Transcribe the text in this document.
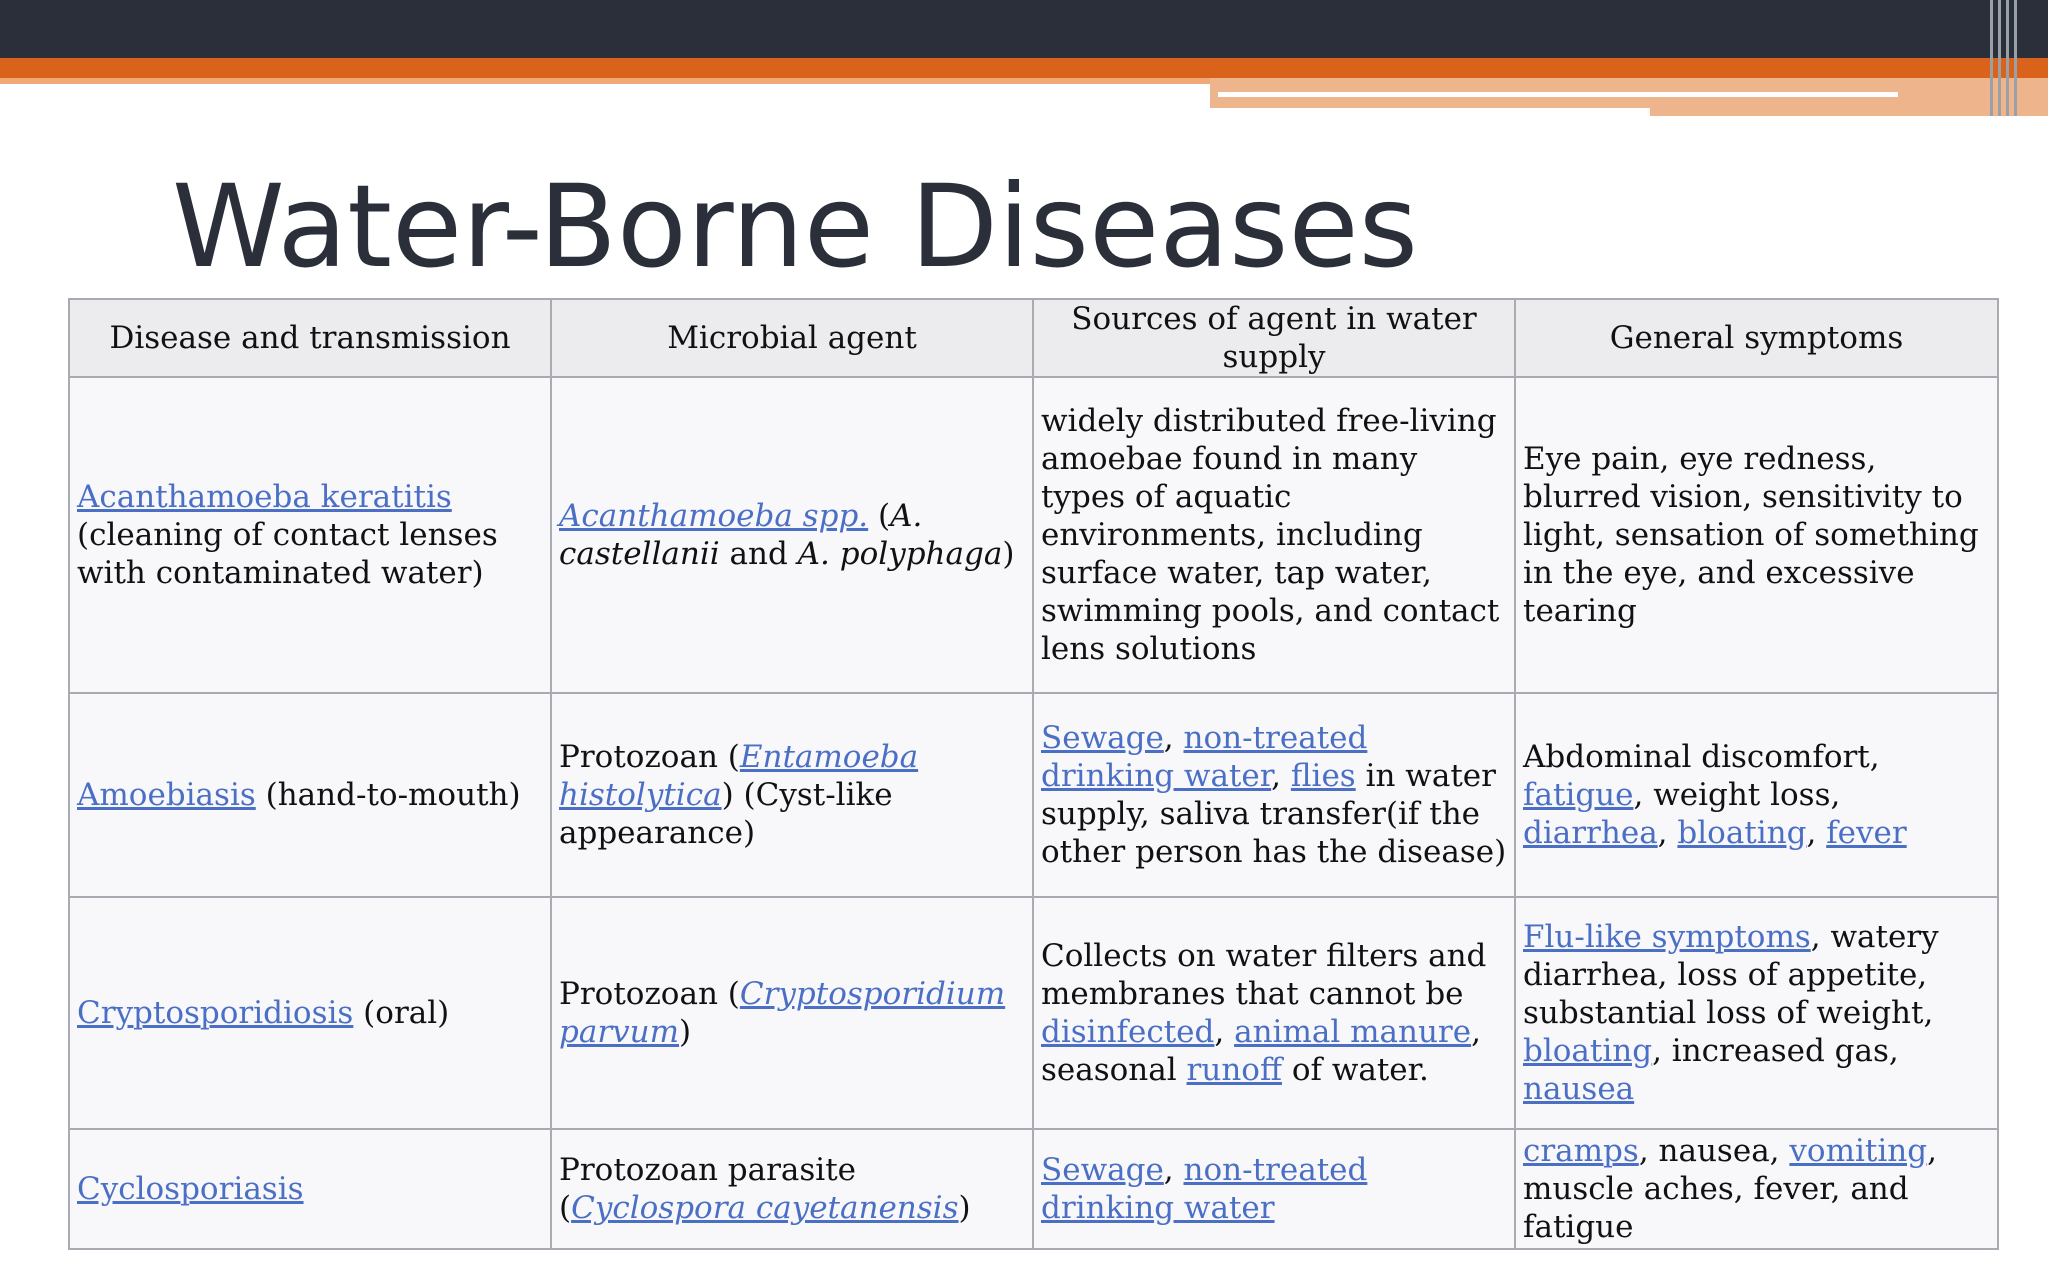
Water-Borne Diseases
Disease and transmission	Microbial agent	Sources of agent in water supply	General symptoms
Acanthamoeba keratitis (cleaning of contact lenses with contaminated water)	Acanthamoeba spp. (A. castellanii and A. polyphaga)	widely distributed free-living amoebae found in many types of aquatic environments, including surface water, tap water, swimming pools, and contact lens solutions	Eye pain, eye redness, blurred vision, sensitivity to light, sensation of something in the eye, and excessive tearing
Amoebiasis (hand-to-mouth)	Protozoan (Entamoeba histolytica) (Cyst-like appearance)	Sewage, non-treated drinking water, flies in water supply, saliva transfer(if the other person has the disease)	Abdominal discomfort, fatigue, weight loss, diarrhea, bloating, fever
Cryptosporidiosis (oral)	Protozoan (Cryptosporidium parvum)	Collects on water filters and membranes that cannot be disinfected, animal manure, seasonal runoff of water.	Flu-like symptoms, watery diarrhea, loss of appetite, substantial loss of weight, bloating, increased gas, nausea
Cyclosporiasis	Protozoan parasite (Cyclospora cayetanensis)	Sewage, non-treated drinking water	cramps, nausea, vomiting, muscle aches, fever, and fatigue
